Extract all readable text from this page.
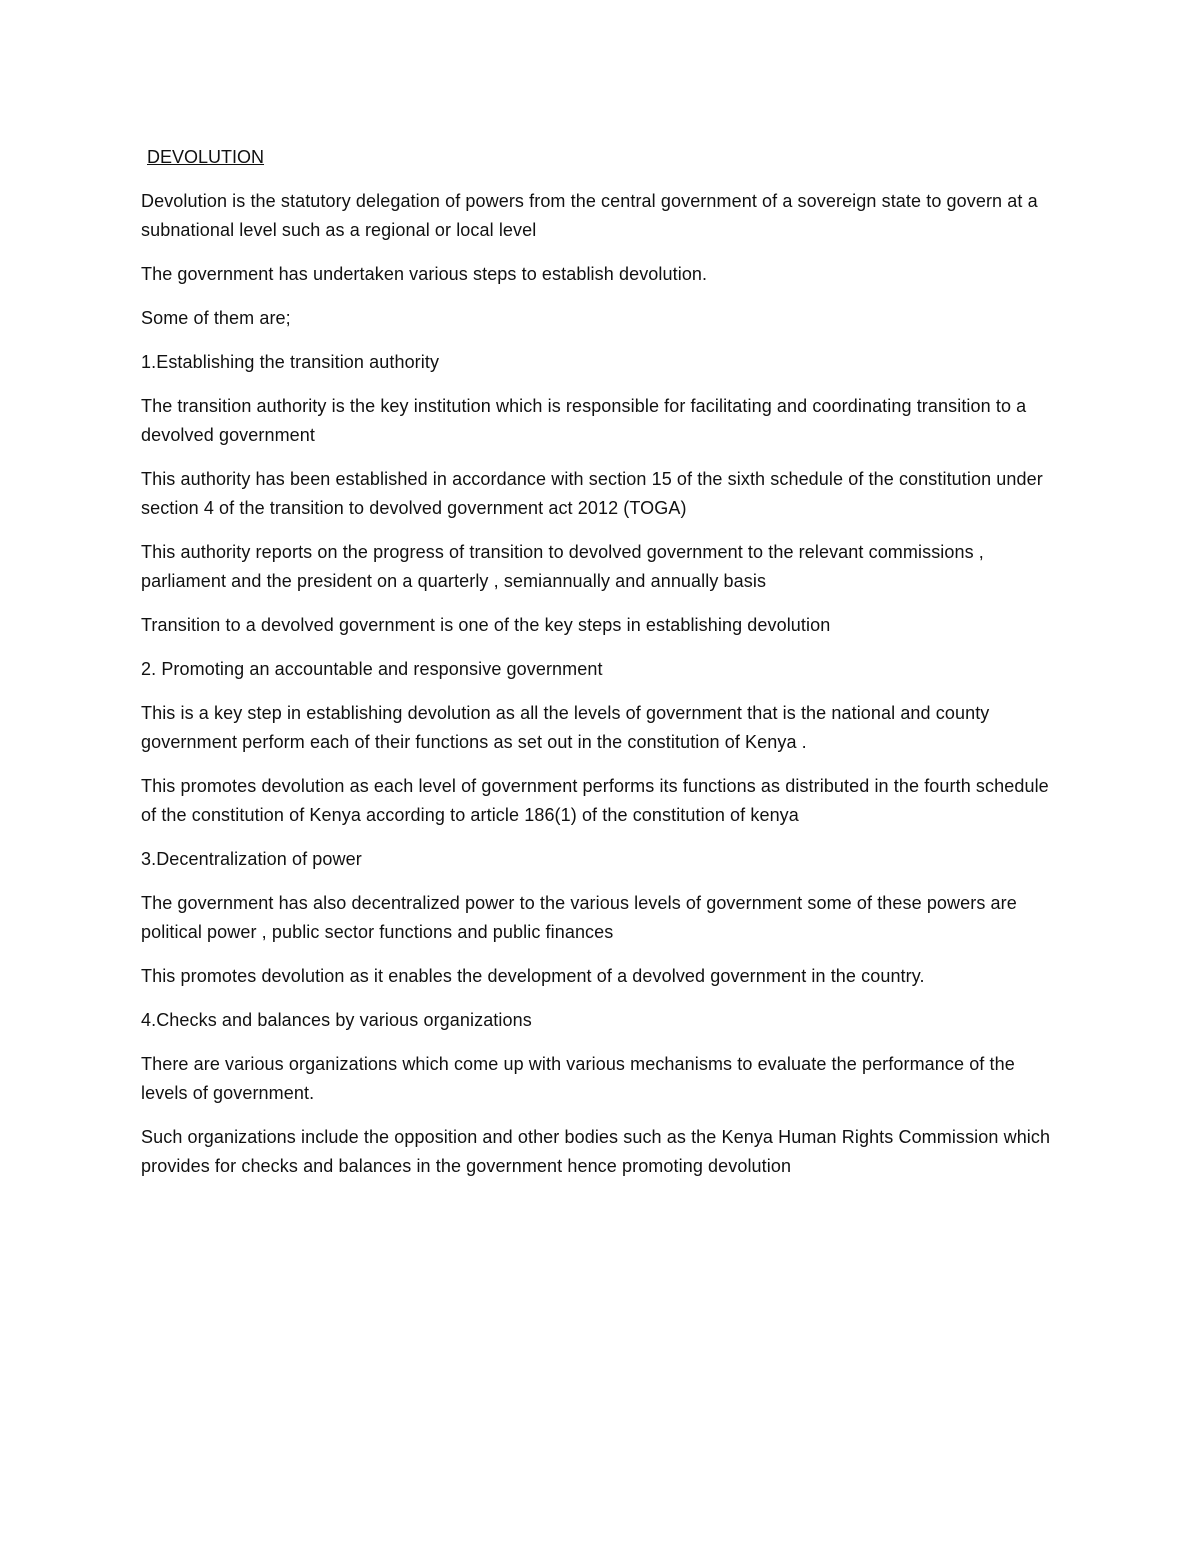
DEVOLUTION

Devolution is the statutory delegation of powers from the central government of a sovereign state to govern at a subnational level such as a regional or local level

The government has undertaken various steps to establish devolution.

Some of them are;

1.Establishing the transition authority

The transition authority is the key institution which is responsible for facilitating and coordinating transition to a devolved government

This authority has been established in accordance with section 15 of the sixth schedule of the constitution under section 4 of the transition to devolved government act 2012 (TOGA)

This authority reports on the progress of transition to devolved government to the relevant commissions , parliament and the president on a quarterly , semiannually and annually basis

Transition to a devolved government is one of the key steps in establishing devolution

2. Promoting an accountable and responsive government

This is a key step in establishing devolution as all the levels of government that is the national and county government perform each of their functions as set out in the constitution of Kenya .

This promotes devolution as each level of government performs its functions as distributed in the fourth schedule of the constitution of Kenya according to article 186(1) of the constitution of kenya

3.Decentralization of power

The government has also decentralized power to the various levels of government some of these powers are political power , public sector functions and public finances

This promotes devolution as it enables the development of a devolved government in the country.

4.Checks and balances by various organizations

There are various organizations which come up with various mechanisms to evaluate the performance of the levels of government.

Such organizations include the opposition and other bodies such as the Kenya Human Rights Commission which provides for checks and balances in the government hence promoting devolution
